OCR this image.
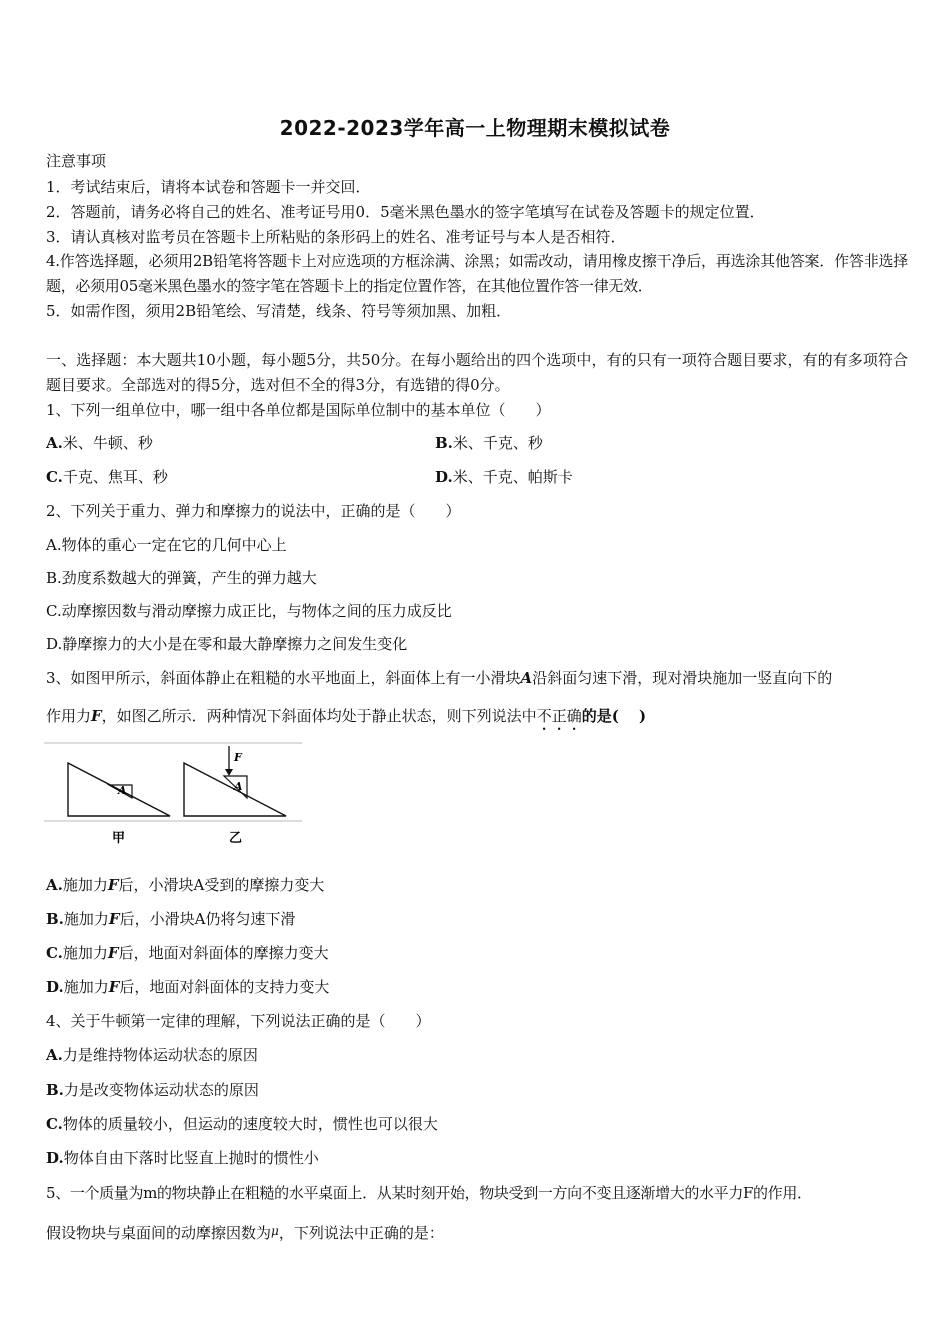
2022-2023学年高一上物理期末模拟试卷
注意事项
1．考试结束后，请将本试卷和答题卡一并交回．
2．答题前，请务必将自己的姓名、准考证号用0．5毫米黑色墨水的签字笔填写在试卷及答题卡的规定位置．
3．请认真核对监考员在答题卡上所粘贴的条形码上的姓名、准考证号与本人是否相符．
4.作答选择题，必须用2B铅笔将答题卡上对应选项的方框涂满、涂黑；如需改动，请用橡皮擦干净后，再选涂其他答案．作答非选择题，必须用05毫米黑色墨水的签字笔在答题卡上的指定位置作答，在其他位置作答一律无效．
5．如需作图，须用2B铅笔绘、写清楚，线条、符号等须加黑、加粗．
一、选择题：本大题共10小题，每小题5分，共50分。在每小题给出的四个选项中，有的只有一项符合题目要求，有的有多项符合题目要求。全部选对的得5分，选对但不全的得3分，有选错的得0分。
1、下列一组单位中，哪一组中各单位都是国际单位制中的基本单位（　　）
A.米、牛顿、秒	B.米、千克、秒
C.千克、焦耳、秒	D.米、千克、帕斯卡
2、下列关于重力、弹力和摩擦力的说法中，正确的是（　　）
A.物体的重心一定在它的几何中心上
B.劲度系数越大的弹簧，产生的弹力越大
C.动摩擦因数与滑动摩擦力成正比，与物体之间的压力成反比
D.静摩擦力的大小是在零和最大静摩擦力之间发生变化
3、如图甲所示，斜面体静止在粗糙的水平地面上，斜面体上有一小滑块A沿斜面匀速下滑，现对滑块施加一竖直向下的
作用力F，如图乙所示．两种情况下斜面体均处于静止状态，则下列说法中不正确的是(　 )
A
F
A
甲	乙
A.施加力F后，小滑块A受到的摩擦力变大
B.施加力F后，小滑块A仍将匀速下滑
C.施加力F后，地面对斜面体的摩擦力变大
D.施加力F后，地面对斜面体的支持力变大
4、关于牛顿第一定律的理解，下列说法正确的是（　　）
A.力是维持物体运动状态的原因
B.力是改变物体运动状态的原因
C.物体的质量较小，但运动的速度较大时，惯性也可以很大
D.物体自由下落时比竖直上抛时的惯性小
5、一个质量为m的物块静止在粗糙的水平桌面上．从某时刻开始，物块受到一方向不变且逐渐增大的水平力F的作用．
假设物块与桌面间的动摩擦因数为$^\mu$，下列说法中正确的是：
